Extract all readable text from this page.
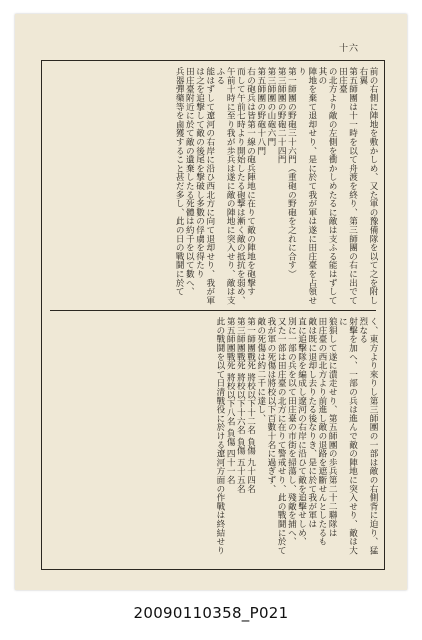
十六

前の右側に陣地を敷かしめ、又た軍の豫備隊を以て之を附し右翼

第五師團は十一時を以て舟渡を終り、第三師團の右に出でて田庄臺

の北方より敵の左側を衝かしめたるに敵は支ふる能はずして其の

陣地を棄て退却せり、是に於て我が軍は遂に田庄臺を占領せり

第一師團の野砲三十六門（重砲の野砲を之れに合す）

第三師團の野砲二十四門

第三師團の山砲六門

第五師團の野砲十八門

右の砲兵は皆第一線の砲兵陣地に在りて敵の陣地を砲撃す

而して午前七時より開始したる砲撃は漸く敵の抵抗を弱め、

午前十時に至り我が歩兵は遂に敵の陣地に突入せり、敵は支ふる

能はずして遼河の右岸に沿ひ西北方に向て退却せり、我が軍

は之を追撃して敵の後尾を撃破し多數の俘虜を得たり

田庄臺附近に於て敵の遺棄したる死體は約千を以て數へ、

兵器彈藥等を鹵獲すること甚だ多し、此の日の戰鬪に於て

く、東方より來りし第三師團の一部は敵の右側背に迫り、猛烈なる

射擊を加へ、一部の兵は進んで敵の陣地に突入せり、敵は大に

狼狽して遂に潰走せり、第五師團の歩兵第二十二聯隊は

田庄臺の西北方より前進し敵の退路を遮斷せんとしたるも

敵は既に退却し去りたる後なりき、是に於て我が軍は

直に追擊隊を編成し遼河の右岸に沿ひて敵を追擊せしめ、

別に一部の兵を以て田庄臺の市街を掃蕩し、殘敵を捕へ、

又た一部は田庄臺の北方に在りて警戒せり、此の戰鬪に於て

我が軍の死傷は將校以下百數十名に過ぎず、

敵の死傷は約二千に達し、

第一師團戰死 將校以下十二名 負傷 九十四名

第三師團戰死 將校以下十六名 負傷 五十五名

第五師團戰死 將校以下八名 負傷 四十一名

此の戰鬪を以て日清戰役に於ける遼河方面の作戰は終結せり

20090110358_P021
